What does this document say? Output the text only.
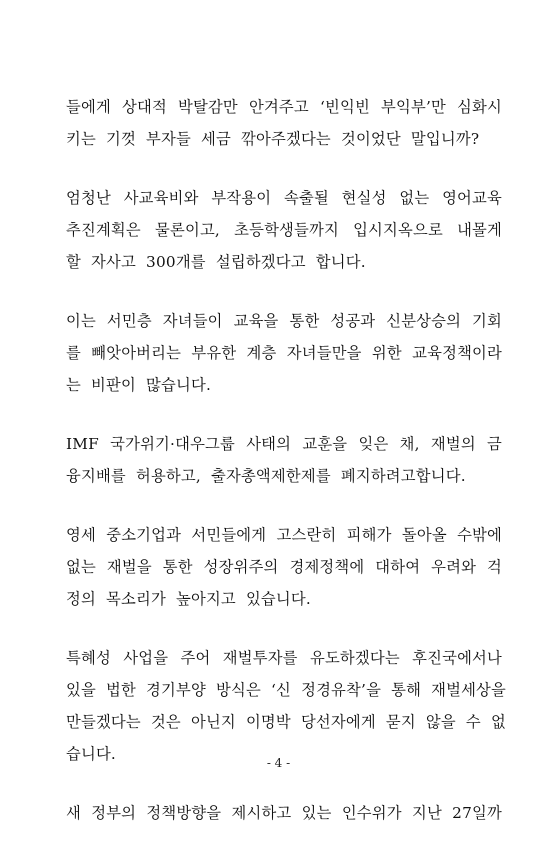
들에게 상대적 박탈감만 안겨주고 ‘빈익빈 부익부’만 심화시
키는 기껏 부자들 세금 깎아주겠다는 것이었단 말입니까?

엄청난 사교육비와 부작용이 속출될 현실성 없는 영어교육
추진계획은 물론이고, 초등학생들까지 입시지옥으로 내몰게
할 자사고 300개를 설립하겠다고 합니다.

이는 서민층 자녀들이 교육을 통한 성공과 신분상승의 기회
를 빼앗아버리는 부유한 계층 자녀들만을 위한 교육정책이라
는 비판이 많습니다.

IMF 국가위기·대우그룹 사태의 교훈을 잊은 채, 재벌의 금
융지배를 허용하고, 출자총액제한제를 폐지하려고합니다.

영세 중소기업과 서민들에게 고스란히 피해가 돌아올 수밖에
없는 재벌을 통한 성장위주의 경제정책에 대하여 우려와 걱
정의 목소리가 높아지고 있습니다.

특혜성 사업을 주어 재벌투자를 유도하겠다는 후진국에서나
있을 법한 경기부양 방식은 ‘신 정경유착’을 통해 재벌세상을
만들겠다는 것은 아닌지 이명박 당선자에게 묻지 않을 수 없
습니다.

새 정부의 정책방향을 제시하고 있는 인수위가 지난 27일까

- 4 -
